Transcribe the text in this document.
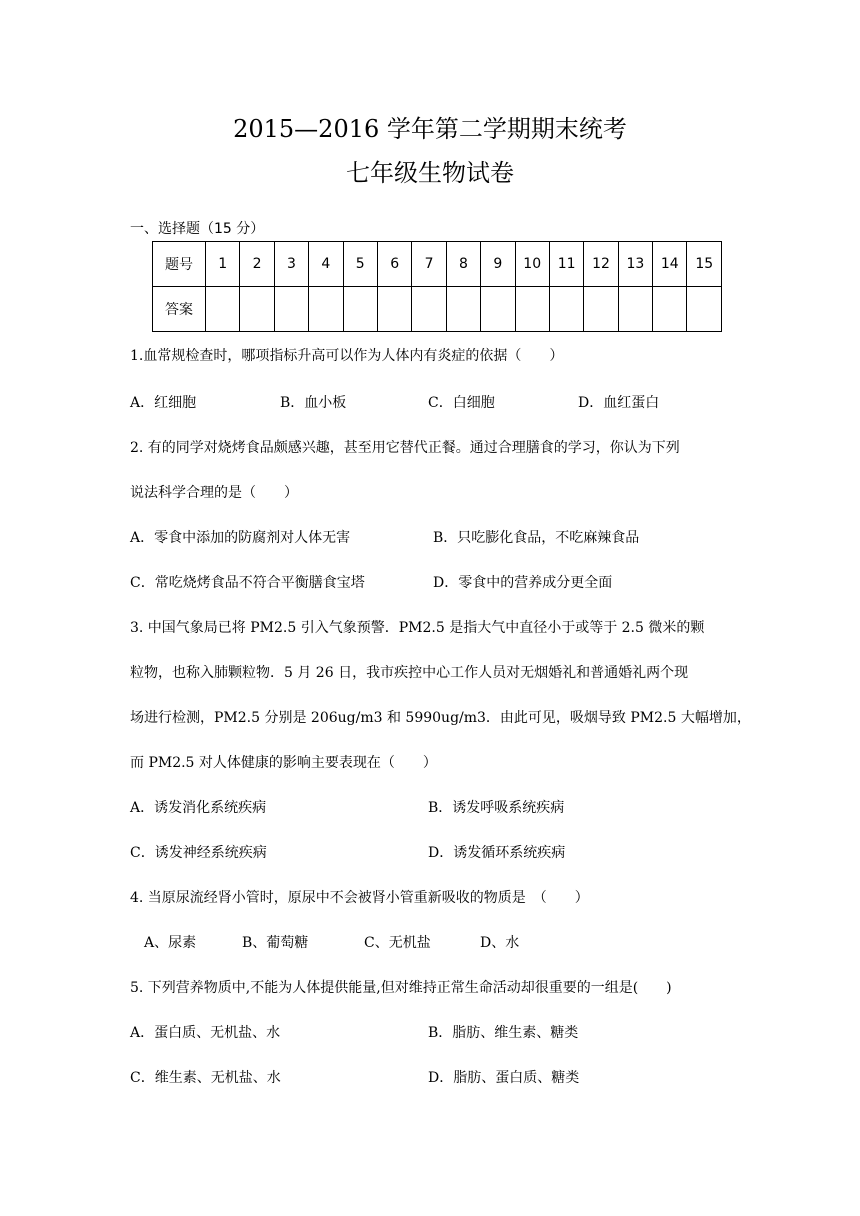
2015—2016 学年第二学期期末统考
七年级生物试卷
一、选择题（15 分）
题号	1	2	3	4	5	6	7	8	9	10	11	12	13	14	15
答案															
1.血常规检查时，哪项指标升高可以作为人体内有炎症的依据（　　）
A．红细胞	B．血小板	C．白细胞	D．血红蛋白
2. 有的同学对烧烤食品颇感兴趣，甚至用它替代正餐。通过合理膳食的学习，你认为下列
说法科学合理的是（　　）
A．零食中添加的防腐剂对人体无害	B．只吃膨化食品，不吃麻辣食品
C．常吃烧烤食品不符合平衡膳食宝塔	D．零食中的营养成分更全面
3. 中国气象局已将 PM2.5 引入气象预警．PM2.5 是指大气中直径小于或等于 2.5 微米的颗
粒物，也称入肺颗粒物．5 月 26 日，我市疾控中心工作人员对无烟婚礼和普通婚礼两个现
场进行检测，PM2.5 分别是 206ug/m3 和 5990ug/m3．由此可见，吸烟导致 PM2.5 大幅增加，
而 PM2.5 对人体健康的影响主要表现在（　　）
A．诱发消化系统疾病	B．诱发呼吸系统疾病
C．诱发神经系统疾病	D．诱发循环系统疾病
4. 当原尿流经肾小管时，原尿中不会被肾小管重新吸收的物质是　（　　）
A、尿素	B、葡萄糖	C、无机盐	D、水
5. 下列营养物质中,不能为人体提供能量,但对维持正常生命活动却很重要的一组是(　　)
A．蛋白质、无机盐、水	B．脂肪、维生素、糖类
C．维生素、无机盐、水	D．脂肪、蛋白质、糖类
